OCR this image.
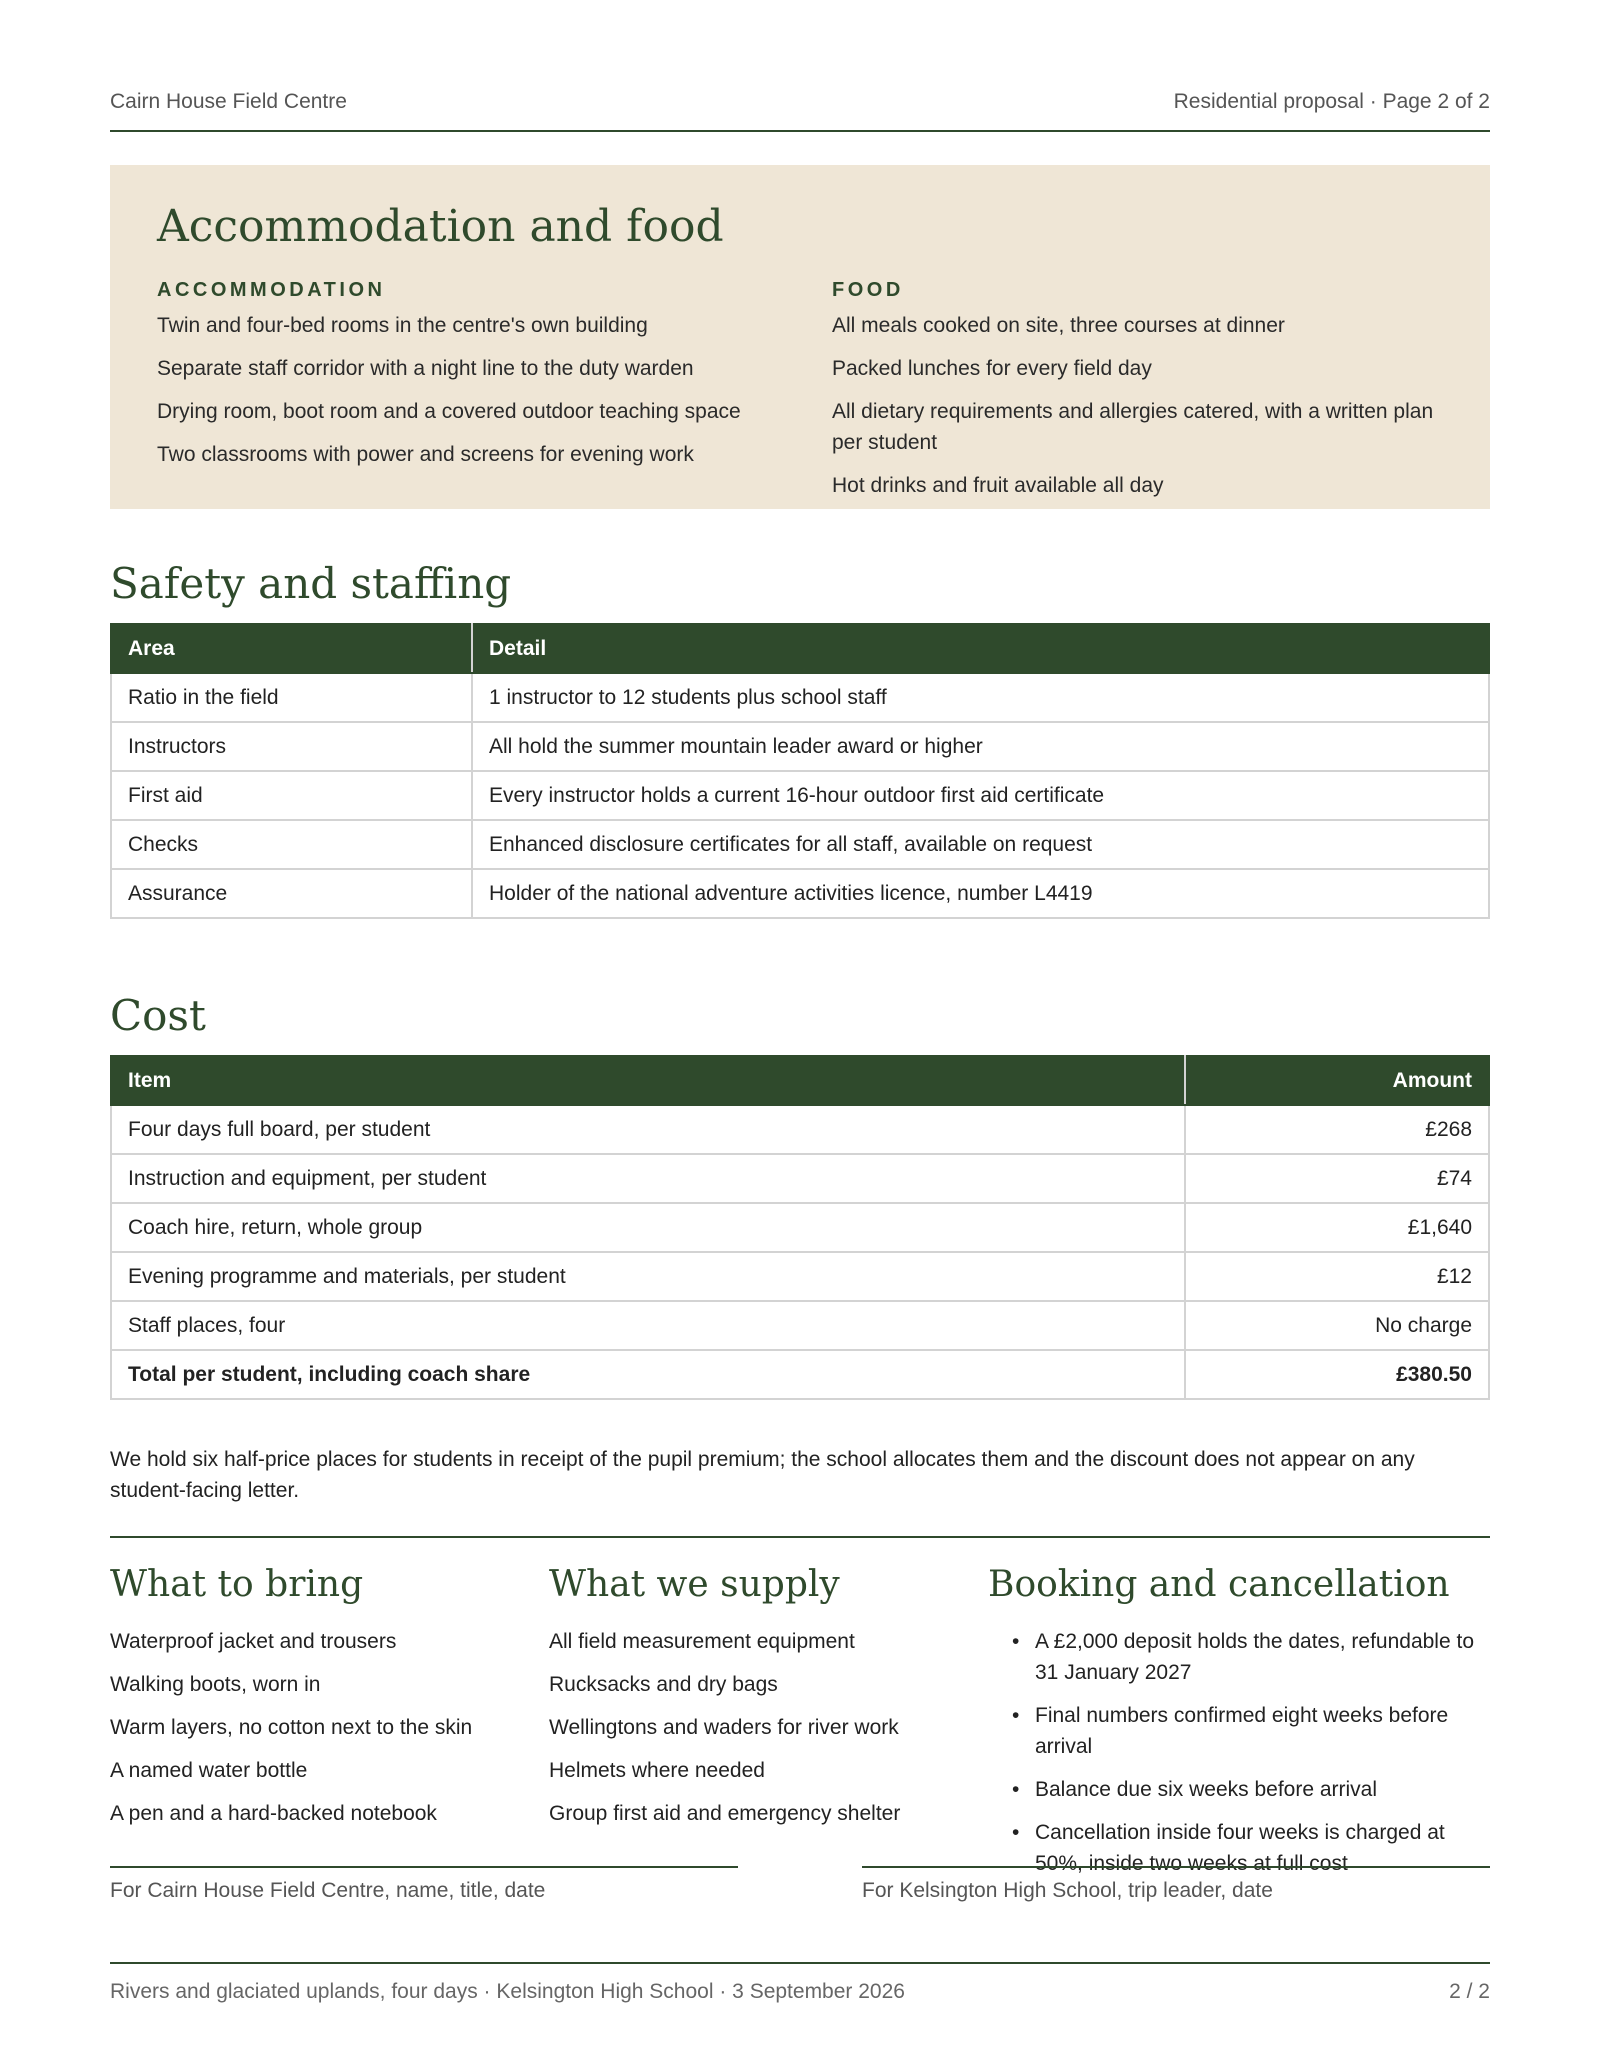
Cairn House Field Centre	Residential proposal · Page 2 of 2
Accommodation and food
ACCOMMODATION
Twin and four-bed rooms in the centre's own building
Separate staff corridor with a night line to the duty warden
Drying room, boot room and a covered outdoor teaching space
Two classrooms with power and screens for evening work
FOOD
All meals cooked on site, three courses at dinner
Packed lunches for every field day
All dietary requirements and allergies catered, with a written plan per student
Hot drinks and fruit available all day
Safety and staffing
Area	Detail
Ratio in the field	1 instructor to 12 students plus school staff
Instructors	All hold the summer mountain leader award or higher
First aid	Every instructor holds a current 16-hour outdoor first aid certificate
Checks	Enhanced disclosure certificates for all staff, available on request
Assurance	Holder of the national adventure activities licence, number L4419
Cost
Item	Amount
Four days full board, per student	£268
Instruction and equipment, per student	£74
Coach hire, return, whole group	£1,640
Evening programme and materials, per student	£12
Staff places, four	No charge
Total per student, including coach share	£380.50

We hold six half-price places for students in receipt of the pupil premium; the school allocates them and the discount does not appear on any student-facing letter.

What to bring
Waterproof jacket and trousers
Walking boots, worn in
Warm layers, no cotton next to the skin
A named water bottle
A pen and a hard-backed notebook
What we supply
All field measurement equipment
Rucksacks and dry bags
Wellingtons and waders for river work
Helmets where needed
Group first aid and emergency shelter
Booking and cancellation
• A £2,000 deposit holds the dates, refundable to 31 January 2027
• Final numbers confirmed eight weeks before arrival
• Balance due six weeks before arrival
• Cancellation inside four weeks is charged at 50%, inside two weeks at full cost
For Cairn House Field Centre, name, title, date	For Kelsington High School, trip leader, date
Rivers and glaciated uplands, four days · Kelsington High School · 3 September 2026	2 / 2
